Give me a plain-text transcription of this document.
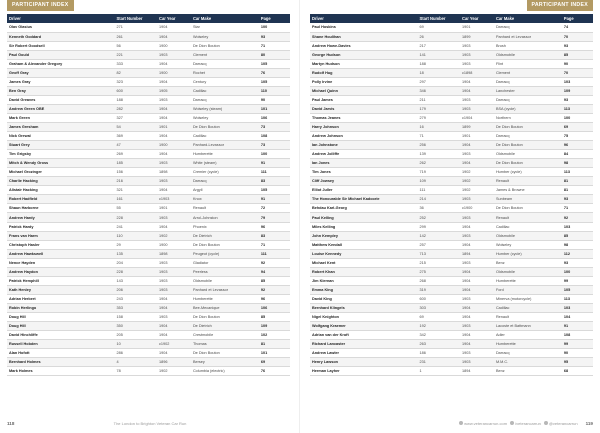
PARTICIPANT INDEX
Driver	Start Number	Car Year	Car Make	Page
Olav Glasius	271	1904	Star	100
Kenneth Goddard	261	1904	Wolseley	93
Sir Robert Goodsell	56	1900	De Dion Bouton	71
Paul Gould	221	1903	Clement	80
Graham & Alexander Gregory	333	1904	Darracq	105
Geoff Gray	82	1900	Rochet	76
James Gray	323	1904	Century	105
Ben Gray	600	1905	Cadillac	110
David Greaves	188	1903	Darracq	90
Andrew Green OBE	282	1904	Wolseley (steam)	101
Mark Green	327	1904	Wolseley	106
James Gresham	54	1901	De Dion Bouton	73
Nick Grewal	369	1904	Cadillac	108
Stuart Grey	47	1900	Panhard-Levassor	73
Tim Grigsby	269	1904	Humberette	100
Mitch & Wendy Gross	185	1903	White (steam)	91
Michael Grozinger	156	1898	Cremier (cycle)	111
Charlie Hacking	216	1903	Darracq	83
Alistair Hacking	321	1904	Argyll	105
Robert Hadfield	161	c1903	Knox	91
Shaun Harborne	55	1901	Renault	72
Andrew Hardy	228	1903	Arrol-Johnston	79
Patrick Hardy	241	1904	Phoenix	96
Frans van Harm	110	1902	De Dietrich	83
Christoph Hasler	29	1900	De Dion Bouton	71
Andrew Hawkswell	135	1898	Peugeot (cycle)	111
Nence Hayden	204	1903	Gladiator	92
Andrew Haydon	228	1903	Peerless	94
Patrick Hemphill	143	1903	Oldsmobile	85
Kath Henley	206	1903	Panhard et Levassor	92
Adrian Herbert	243	1904	Humberette	96
Robin Herlingo	353	1904	Bee-Mecanique	106
Doug Hill	158	1903	De Dion Bouton	85
Doug Hill	350	1904	De Dietrich	109
David Hinchliffe	205	1904	Crestmobile	102
Russell Hobden	10	c1902	Thomas	81
Alan Hofott	286	1904	De Dion Bouton	101
Bernhard Holmes	4	1896	Bersey	69
Mark Holmes	78	1902	Columbia (electric)	76
118	The London to Brighton Veteran Car Run
PARTICIPANT INDEX
Driver	Start Number	Car Year	Car Make	Page
Paul Hoskins	69	1901	Darracq	74
Shane Houlihan	26	1899	Panhard et Levassor	70
Andrew Howe-Davies	217	1903	Brush	93
George Hudson	141	1903	Oldsmobile	85
Martyn Hudson	188	1903	Flint	90
Rudolf Hug	18	c1898	Clement	70
Polly Irvine	297	1904	Darracq	103
Michael Quinn	346	1904	Lanchester	109
Paul James	211	1903	Darracq	93
David Jarvis	179	1903	BSA (cycle)	113
Thomas Jeanes	279	c1904	Northern	100
Harry Johnson	16	1899	De Dion Bouton	69
Andrew Johnson	71	1901	Darracq	75
Ian Johnstone	256	1904	De Dion Bouton	96
Andrew Jolliffe	139	1903	Oldsmobile	84
Ian Jones	262	1904	De Dion Bouton	98
Tim Jones	719	1902	Humber (cycle)	113
Cliff Jowsey	109	1902	Renault	81
Elliot Juller	111	1902	James & Browne	81
The Honourable Sir Michael Kadoorie	214	1903	Sunbeam	93
Behdau Karl-Georg	36	c1900	De Dion Bouton	71
Paul Kelling	252	1903	Renault	92
Miles Kelling	299	1904	Cadillac	103
John Kempley	142	1903	Oldsmobile	85
Matthew Kendall	257	1904	Wolseley	98
Louise Kennedy	713	1894	Humber (cycle)	112
Michael Kent	215	1903	Benz	93
Robert Khan	275	1904	Oldsmobile	100
Jim Kiernan	268	1904	Humberette	99
Emma King	319	1904	Ford	105
David King	600	1903	Minerva (motorcycle)	113
Bernhard Klingels	303	1904	Cadillac	103
Nigel Knighton	69	1904	Renault	104
Wolfgang Kraemer	192	1903	Lacoste et Battmann	91
Adrian van der Kroft	342	1904	Adler	108
Richard Lancaster	263	1904	Humberette	99
Andrew Lawler	186	1903	Darracq	90
Henry Lawson	231	1903	M.M.C.	95
Herman Layher	1	1894	Benz	68
www.veterancarrun.com	/veterancarrun	@veterancarrun 119
